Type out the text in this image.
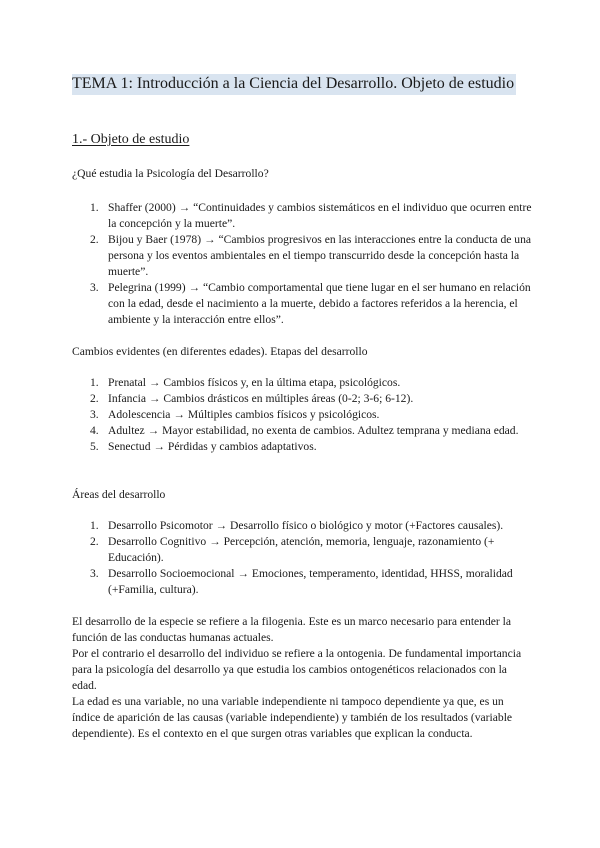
TEMA 1: Introducción a la Ciencia del Desarrollo. Objeto de estudio
1.- Objeto de estudio

¿Qué estudia la Psicología del Desarrollo?

1. Shaffer (2000) → “Continuidades y cambios sistemáticos en el individuo que ocurren entre la concepción y la muerte”.
2. Bijou y Baer (1978) → “Cambios progresivos en las interacciones entre la conducta de una persona y los eventos ambientales en el tiempo transcurrido desde la concepción hasta la muerte”.
3. Pelegrina (1999) → “Cambio comportamental que tiene lugar en el ser humano en relación con la edad, desde el nacimiento a la muerte, debido a factores referidos a la herencia, el ambiente y la interacción entre ellos”.

Cambios evidentes (en diferentes edades). Etapas del desarrollo

1. Prenatal → Cambios físicos y, en la última etapa, psicológicos.
2. Infancia → Cambios drásticos en múltiples áreas (0-2; 3-6; 6-12).
3. Adolescencia → Múltiples cambios físicos y psicológicos.
4. Adultez → Mayor estabilidad, no exenta de cambios. Adultez temprana y mediana edad.
5. Senectud → Pérdidas y cambios adaptativos.

Áreas del desarrollo

1. Desarrollo Psicomotor → Desarrollo físico o biológico y motor (+Factores causales).
2. Desarrollo Cognitivo → Percepción, atención, memoria, lenguaje, razonamiento (+ Educación).
3. Desarrollo Socioemocional → Emociones, temperamento, identidad, HHSS, moralidad (+Familia, cultura).

El desarrollo de la especie se refiere a la filogenia. Este es un marco necesario para entender la función de las conductas humanas actuales.

Por el contrario el desarrollo del individuo se refiere a la ontogenia. De fundamental importancia para la psicología del desarrollo ya que estudia los cambios ontogenéticos relacionados con la edad.

La edad es una variable, no una variable independiente ni tampoco dependiente ya que, es un índice de aparición de las causas (variable independiente) y también de los resultados (variable dependiente). Es el contexto en el que surgen otras variables que explican la conducta.
